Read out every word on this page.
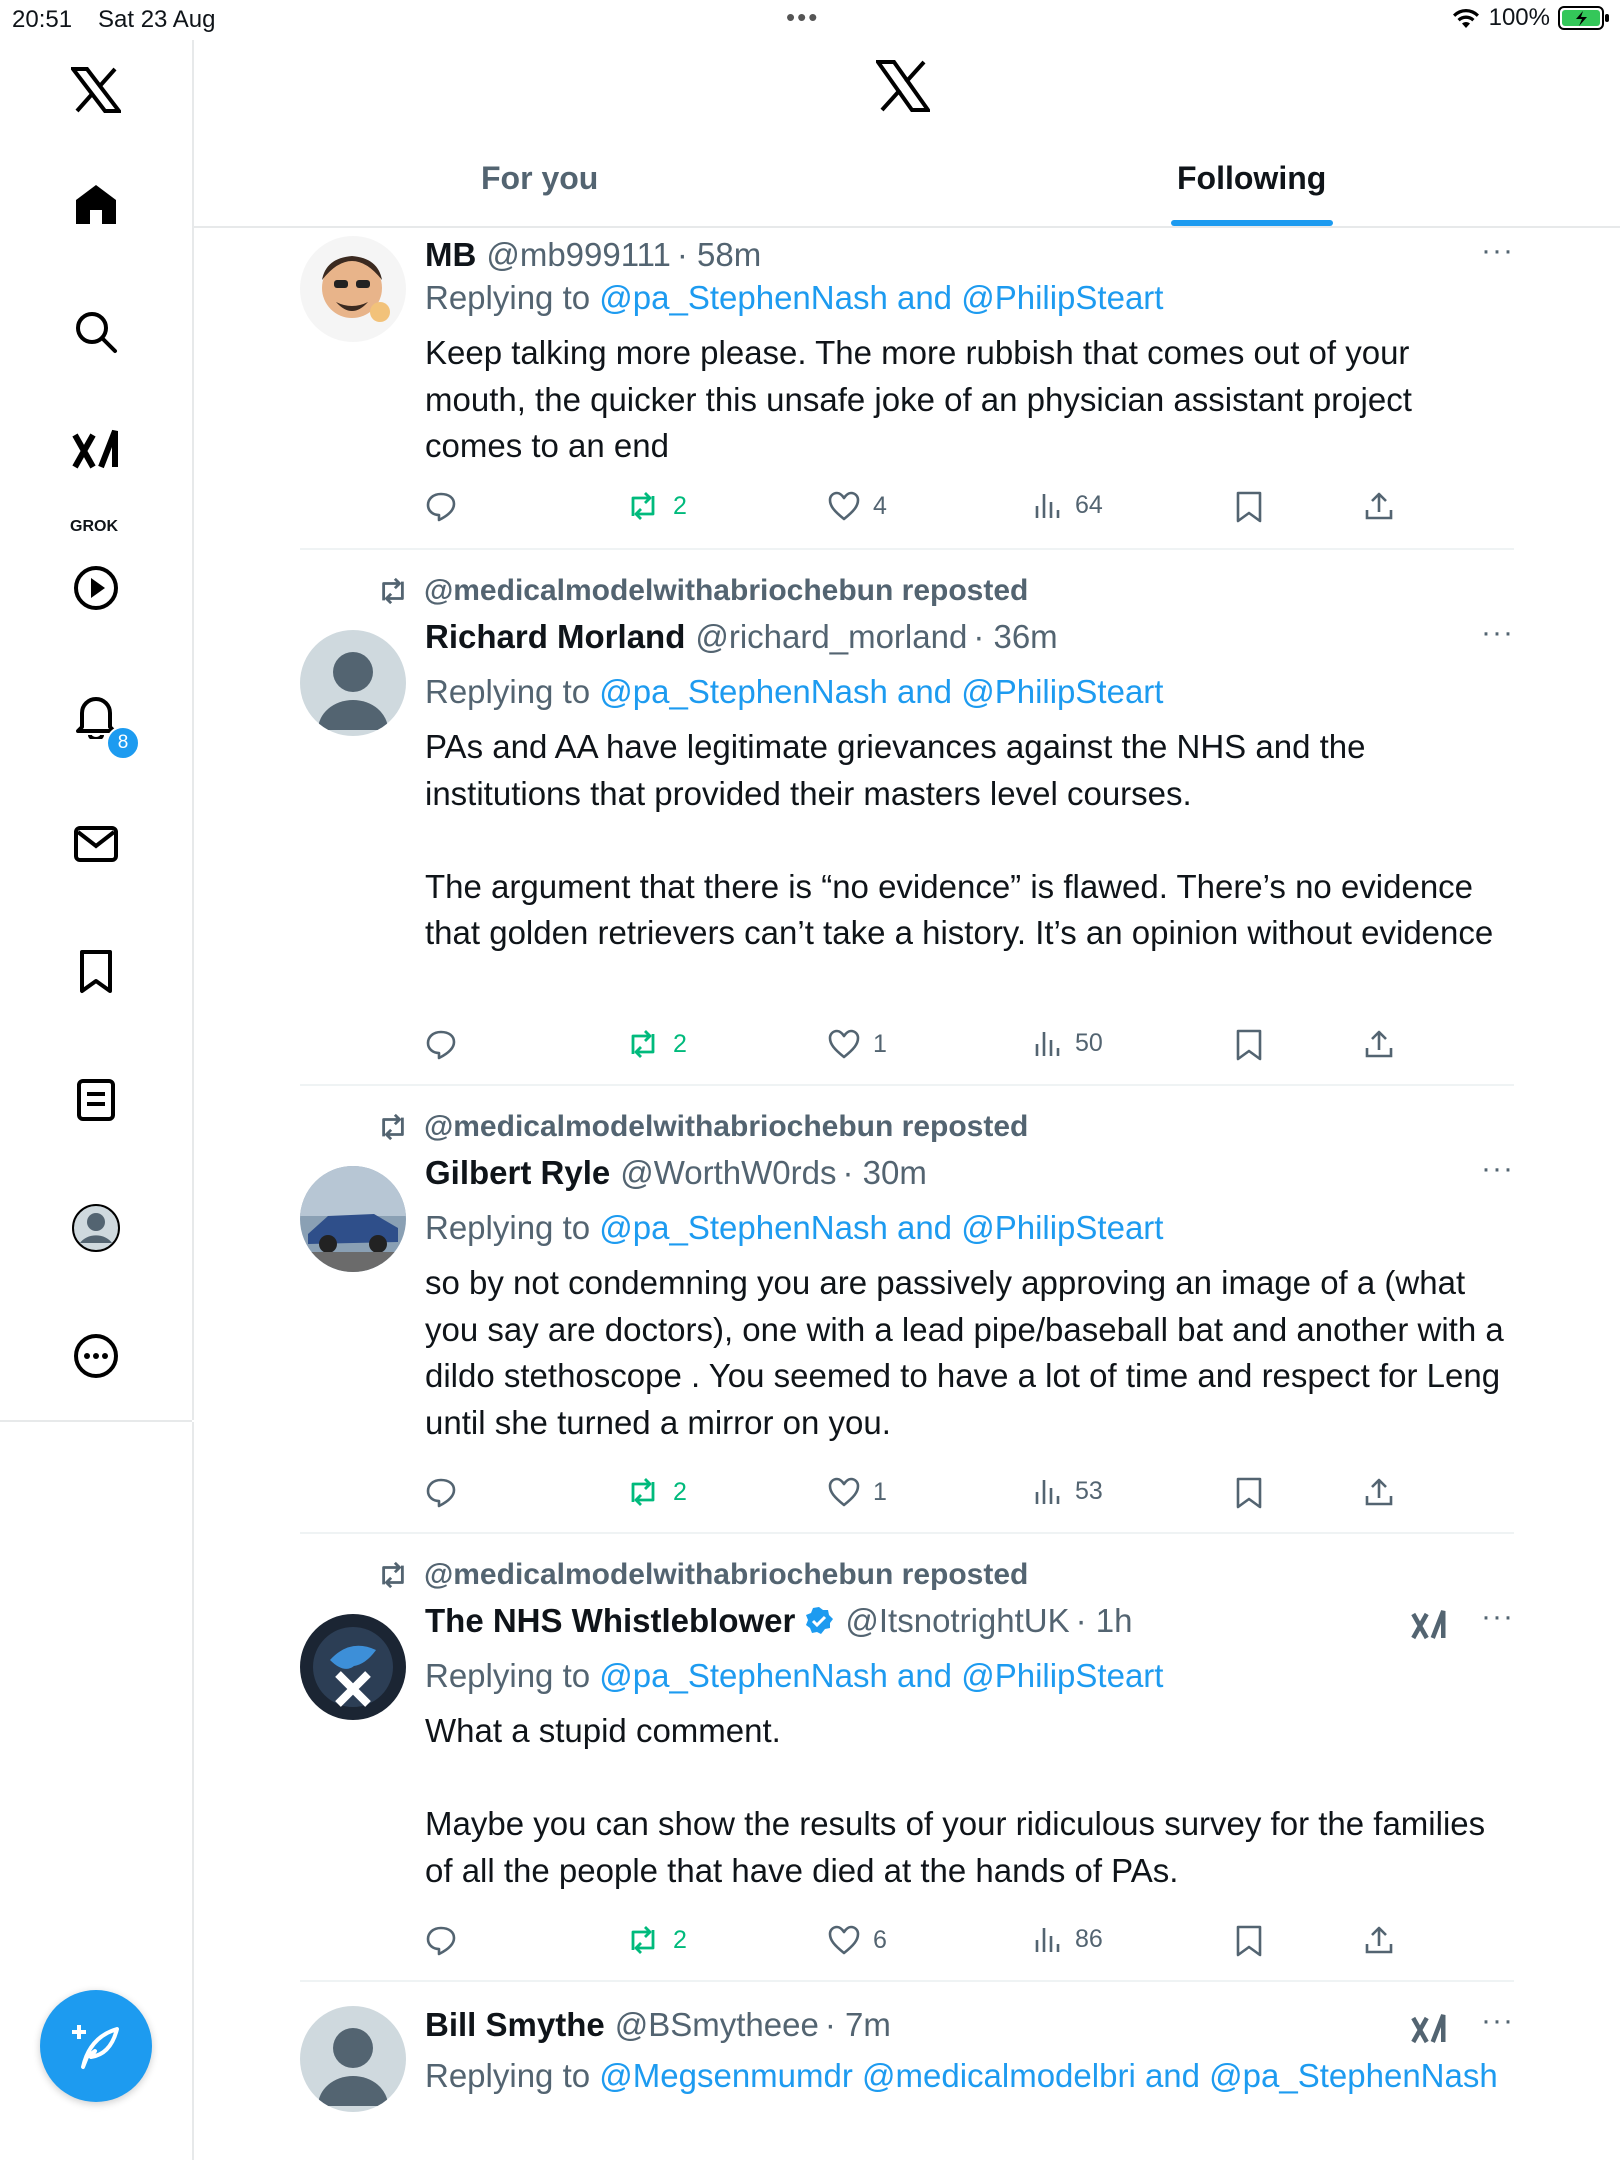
20:51 Sat 23 Aug	•••	100%
GROK
8
For you	Following
MB @mb999111 · 58m	···
Replying to @pa_StephenNash and @PhilipSteart
Keep talking more please. The more rubbish that comes out of your mouth, the quicker this unsafe joke of an physician assistant project comes to an end
2	4	64
@medicalmodelwithabriochebun reposted
Richard Morland @richard_morland · 36m	···
Replying to @pa_StephenNash and @PhilipSteart
PAs and AA have legitimate grievances against the NHS and the institutions that provided their masters level courses.

The argument that there is “no evidence” is flawed. There’s no evidence that golden retrievers can’t take a history. It’s an opinion without evidence
2	1	50
@medicalmodelwithabriochebun reposted
Gilbert Ryle @WorthW0rds · 30m	···
Replying to @pa_StephenNash and @PhilipSteart
so by not condemning you are passively approving an image of a (what you say are doctors), one with a lead pipe/baseball bat and another with a dildo stethoscope . You seemed to have a lot of time and respect for Leng until she turned a mirror on you.
2	1	53
@medicalmodelwithabriochebun reposted
The NHS Whistleblower @ItsnotrightUK · 1h	···
Replying to @pa_StephenNash and @PhilipSteart
What a stupid comment.

Maybe you can show the results of your ridiculous survey for the families of all the people that have died at the hands of PAs.
2	6	86
Bill Smythe @BSmytheee · 7m	···
Replying to @Megsenmumdr @medicalmodelbri and @pa_StephenNash
